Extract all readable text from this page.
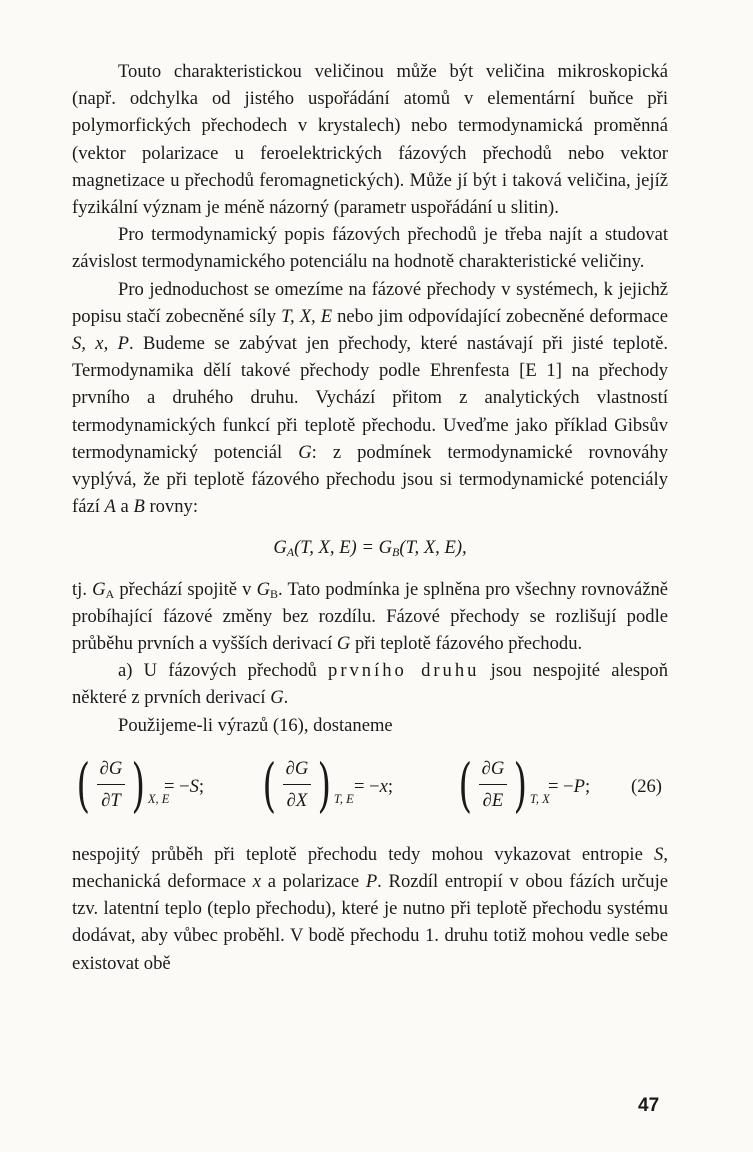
Touto charakteristickou veličinou může být veličina mikroskopická (např. odchylka od jistého uspořádání atomů v elementární buňce při polymorfických přechodech v krystalech) nebo termodynamická proměnná (vektor polarizace u feroelektrických fázových přechodů nebo vektor magnetizace u přechodů feromagnetických). Může jí být i taková veličina, jejíž fyzikální význam je méně názorný (parametr uspořádání u slitin).

Pro termodynamický popis fázových přechodů je třeba najít a studovat závislost termodynamického potenciálu na hodnotě charakteristické veličiny.

Pro jednoduchost se omezíme na fázové přechody v systémech, k jejichž popisu stačí zobecněné síly T, X, E nebo jim odpovídající zobecněné deformace S, x, P. Budeme se zabývat jen přechody, které nastávají při jisté teplotě. Termodynamika dělí takové přechody podle Ehrenfesta [E 1] na přechody prvního a druhého druhu. Vychází přitom z analytických vlastností termodynamických funkcí při teplotě přechodu. Uveďme jako příklad Gibsův termodynamický potenciál G: z podmínek termodynamické rovnováhy vyplývá, že při teplotě fázového přechodu jsou si termodynamické potenciály fází A a B rovny:

$G_A(T$, X, $E) = G_B(T$, X, E),

tj. $G_A$ přechází spojitě v $G_B$. Tato podmínka je splněna pro všechny rovnovážně probíhající fázové změny bez rozdílu. Fázové přechody se rozlišují podle průběhu prvních a vyšších derivací G při teplotě fázového přechodu.

a) U fázových přechodů prvního druhu jsou nespojité alespoň některé z prvních derivací G.

Použijeme-li výrazů (16), dostaneme

( $\frac{\partial G}{\partial T}$ ) X, E
= −S; ( $\frac{\partial G}{\partial X}$ ) T, E
= −x; ( $\frac{\partial G}{\partial E}$ ) T, X
= −P; (26)

nespojitý průběh při teplotě přechodu tedy mohou vykazovat entropie S, mechanická deformace x a polarizace P. Rozdíl entropií v obou fázích určuje tzv. latentní teplo (teplo přechodu), které je nutno při teplotě přechodu systému dodávat, aby vůbec proběhl. V bodě přechodu 1. druhu totiž mohou vedle sebe existovat obě

47
